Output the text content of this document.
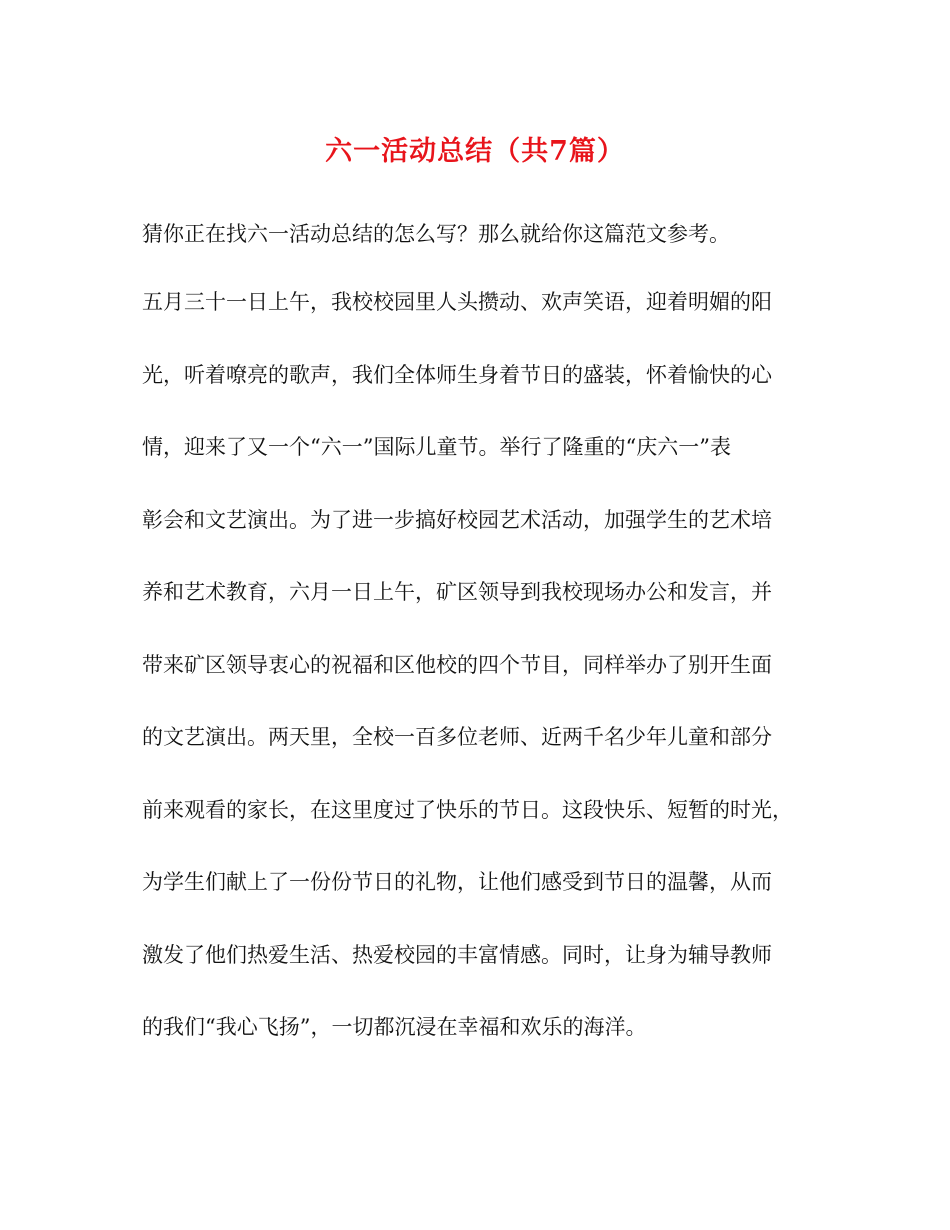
六一活动总结（共7篇）
猜你正在找六一活动总结的怎么写？那么就给你这篇范文参考。
五月三十一日上午，我校校园里人头攒动、欢声笑语，迎着明媚的阳
光，听着嘹亮的歌声，我们全体师生身着节日的盛装，怀着愉快的心
情，迎来了又一个“六一”国际儿童节。举行了隆重的“庆六一”表
彰会和文艺演出。为了进一步搞好校园艺术活动，加强学生的艺术培
养和艺术教育，六月一日上午，矿区领导到我校现场办公和发言，并
带来矿区领导衷心的祝福和区他校的四个节目，同样举办了别开生面
的文艺演出。两天里，全校一百多位老师、近两千名少年儿童和部分
前来观看的家长，在这里度过了快乐的节日。这段快乐、短暂的时光，
为学生们献上了一份份节日的礼物，让他们感受到节日的温馨，从而
激发了他们热爱生活、热爱校园的丰富情感。同时，让身为辅导教师
的我们“我心飞扬”，一切都沉浸在幸福和欢乐的海洋。
